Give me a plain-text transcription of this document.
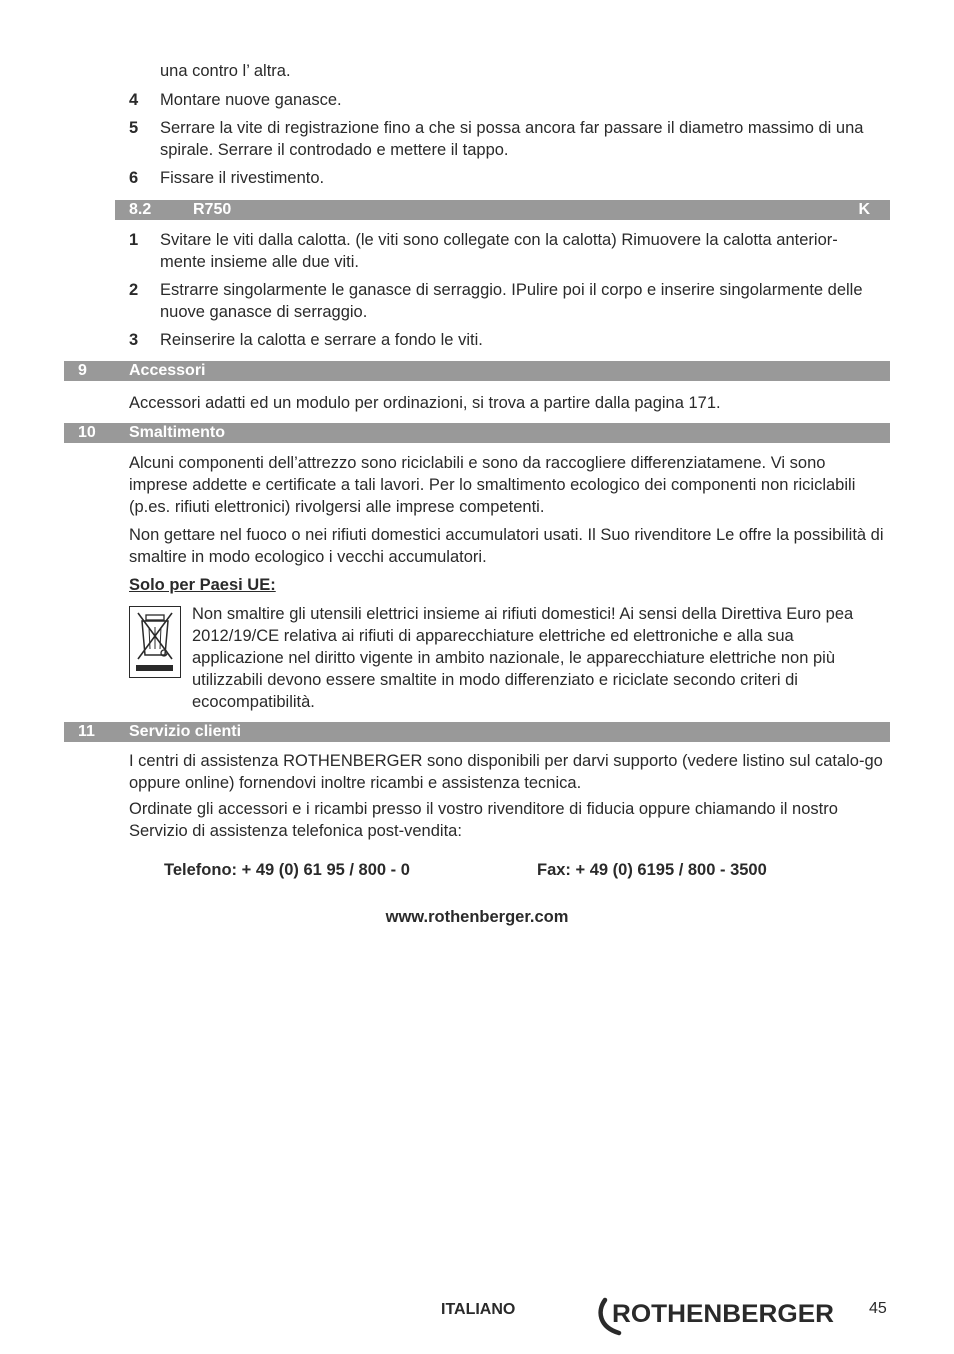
una contro l’ altra.
4	Montare nuove ganasce.
5	Serrare la vite di registrazione fino a che si possa ancora far passare il diametro massimo di una spirale. Serrare il controdado e mettere il tappo.
6	Fissare il rivestimento.
8.2	R750	K
1	Svitare le viti dalla calotta. (le viti sono collegate con la calotta) Rimuovere la calotta anterior-mente insieme alle due viti.
2	Estrarre singolarmente le ganasce di serraggio. IPulire poi il corpo e inserire singolarmente delle nuove ganasce di serraggio.
3	Reinserire la calotta e serrare a fondo le viti.
9	Accessori
Accessori adatti ed un modulo per ordinazioni, si trova a partire dalla pagina 171.
10 Smaltimento
Alcuni componenti dell’attrezzo sono riciclabili e sono da raccogliere differenziatamene. Vi sono imprese addette e certificate a tali lavori. Per lo smaltimento ecologico dei componenti non riciclabili (p.es. rifiuti elettronici) rivolgersi alle imprese competenti.
Non gettare nel fuoco o nei rifiuti domestici accumulatori usati. Il Suo rivenditore Le offre la possibilità di smaltire in modo ecologico i vecchi accumulatori.
Solo per Paesi UE:
Non smaltire gli utensili elettrici insieme ai rifiuti domestici! Ai sensi della Direttiva Euro pea 2012/19/CE relativa ai rifiuti di apparecchiature elettriche ed elettroniche e alla sua applicazione nel diritto vigente in ambito nazionale, le apparecchiature elettriche non più utilizzabili devono essere smaltite in modo differenziato e riciclate secondo criteri di ecocompatibilità.
11 Servizio clienti
I centri di assistenza ROTHENBERGER sono disponibili per darvi supporto (vedere listino sul catalo-go oppure online) fornendovi inoltre ricambi e assistenza tecnica.
Ordinate gli accessori e i ricambi presso il vostro rivenditore di fiducia oppure chiamando il nostro Servizio di assistenza telefonica post-vendita:
Telefono: + 49 (0) 61 95 / 800 - 0	Fax: + 49 (0) 6195 / 800 - 3500
www.rothenberger.com
ITALIANO	ROTHENBERGER 45
